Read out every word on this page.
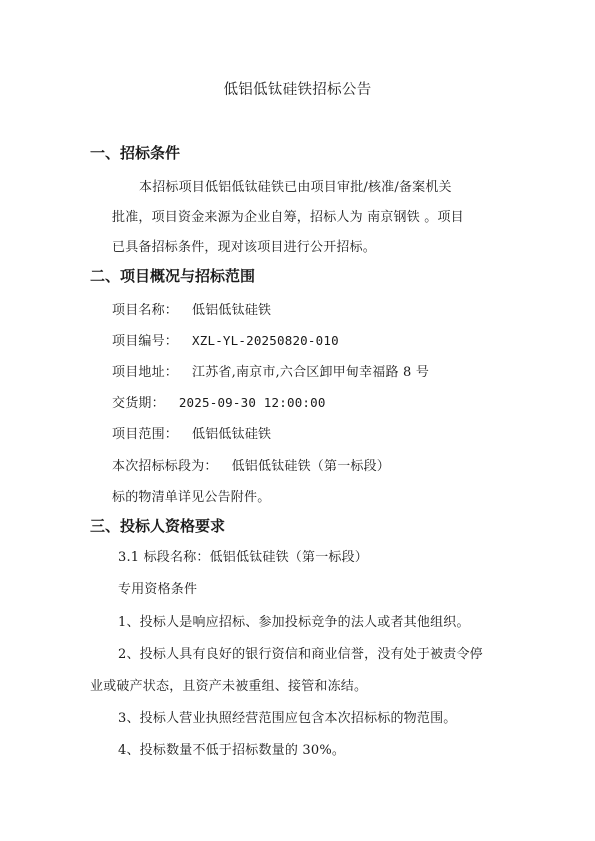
低铝低钛硅铁招标公告
一、招标条件
本招标项目低铝低钛硅铁已由项目审批/核准/备案机关
批准，项目资金来源为企业自筹，招标人为 南京钢铁 。项目
已具备招标条件，现对该项目进行公开招标。
二、项目概况与招标范围
项目名称： 低铝低钛硅铁
项目编号： XZL-YL-20250820-010
项目地址： 江苏省,南京市,六合区卸甲甸幸福路 8 号
交货期： 2025-09-30 12:00:00
项目范围： 低铝低钛硅铁
本次招标标段为： 低铝低钛硅铁（第一标段）
标的物清单详见公告附件。
三、投标人资格要求
3.1 标段名称：低铝低钛硅铁（第一标段）
专用资格条件
1、投标人是响应招标、参加投标竞争的法人或者其他组织。
2、投标人具有良好的银行资信和商业信誉，没有处于被责令停
业或破产状态，且资产未被重组、接管和冻结。
3、投标人营业执照经营范围应包含本次招标标的物范围。
4、投标数量不低于招标数量的 30%。
